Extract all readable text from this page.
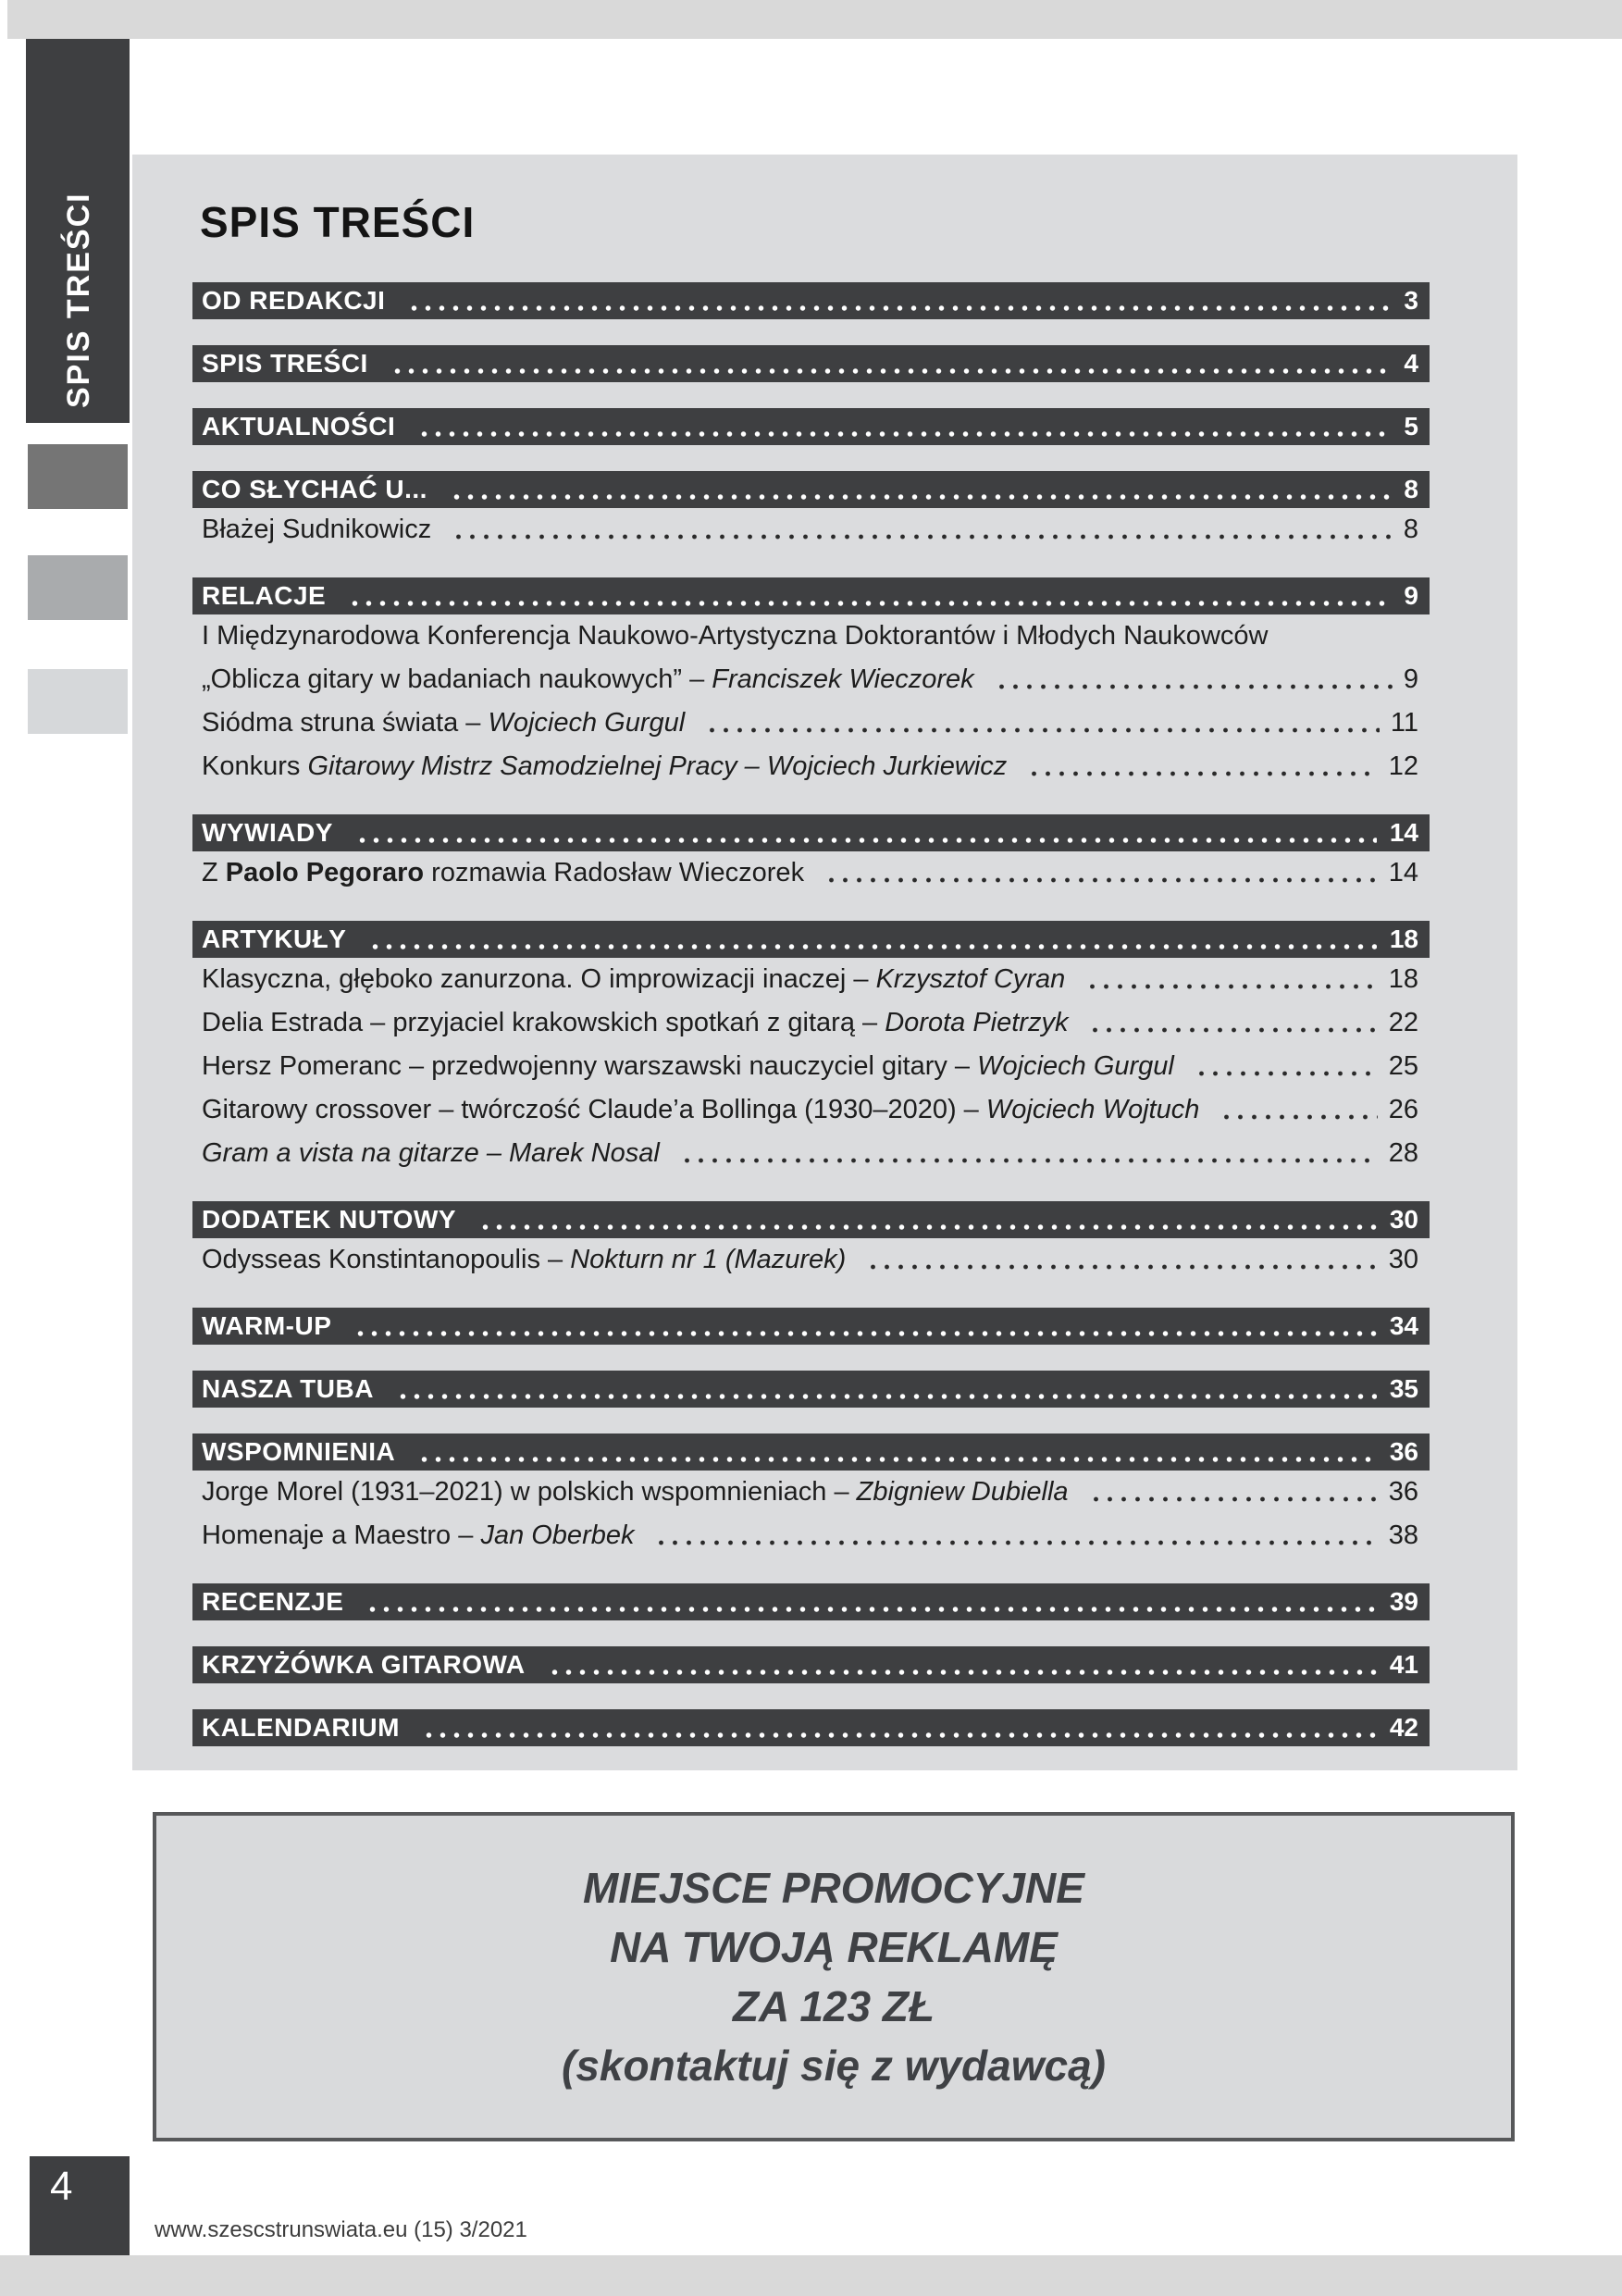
SPIS TREŚCI SPIS TREŚCI
OD REDAKCJI	3
SPIS TREŚCI	4
AKTUALNOŚCI	5
CO SŁYCHAĆ U...	8
Błażej Sudnikowicz	8
RELACJE	9
I Międzynarodowa Konferencja Naukowo-Artystyczna Doktorantów i Młodych Naukowców
„Oblicza gitary w badaniach naukowych” – Franciszek Wieczorek	9
Siódma struna świata – Wojciech Gurgul	11
Konkurs Gitarowy Mistrz Samodzielnej Pracy – Wojciech Jurkiewicz	12
WYWIADY	14
Z Paolo Pegoraro rozmawia Radosław Wieczorek	14
ARTYKUŁY	18
Klasyczna, głęboko zanurzona. O improwizacji inaczej – Krzysztof Cyran	18
Delia Estrada – przyjaciel krakowskich spotkań z gitarą – Dorota Pietrzyk	22
Hersz Pomeranc – przedwojenny warszawski nauczyciel gitary – Wojciech Gurgul	25
Gitarowy crossover – twórczość Claude’a Bollinga (1930–2020) – Wojciech Wojtuch	26
Gram a vista na gitarze – Marek Nosal	28
DODATEK NUTOWY	30
Odysseas Konstintanopoulis – Nokturn nr 1 (Mazurek)	30
WARM-UP	34
NASZA TUBA	35
WSPOMNIENIA	36
Jorge Morel (1931–2021) w polskich wspomnieniach – Zbigniew Dubiella	36
Homenaje a Maestro – Jan Oberbek	38
RECENZJE	39
KRZYŻÓWKA GITAROWA	41
KALENDARIUM	42
MIEJSCE PROMOCYJNE
NA TWOJĄ REKLAMĘ
ZA 123 ZŁ
(skontaktuj się z wydawcą)
4
www.szescstrunswiata.eu (15) 3/2021
